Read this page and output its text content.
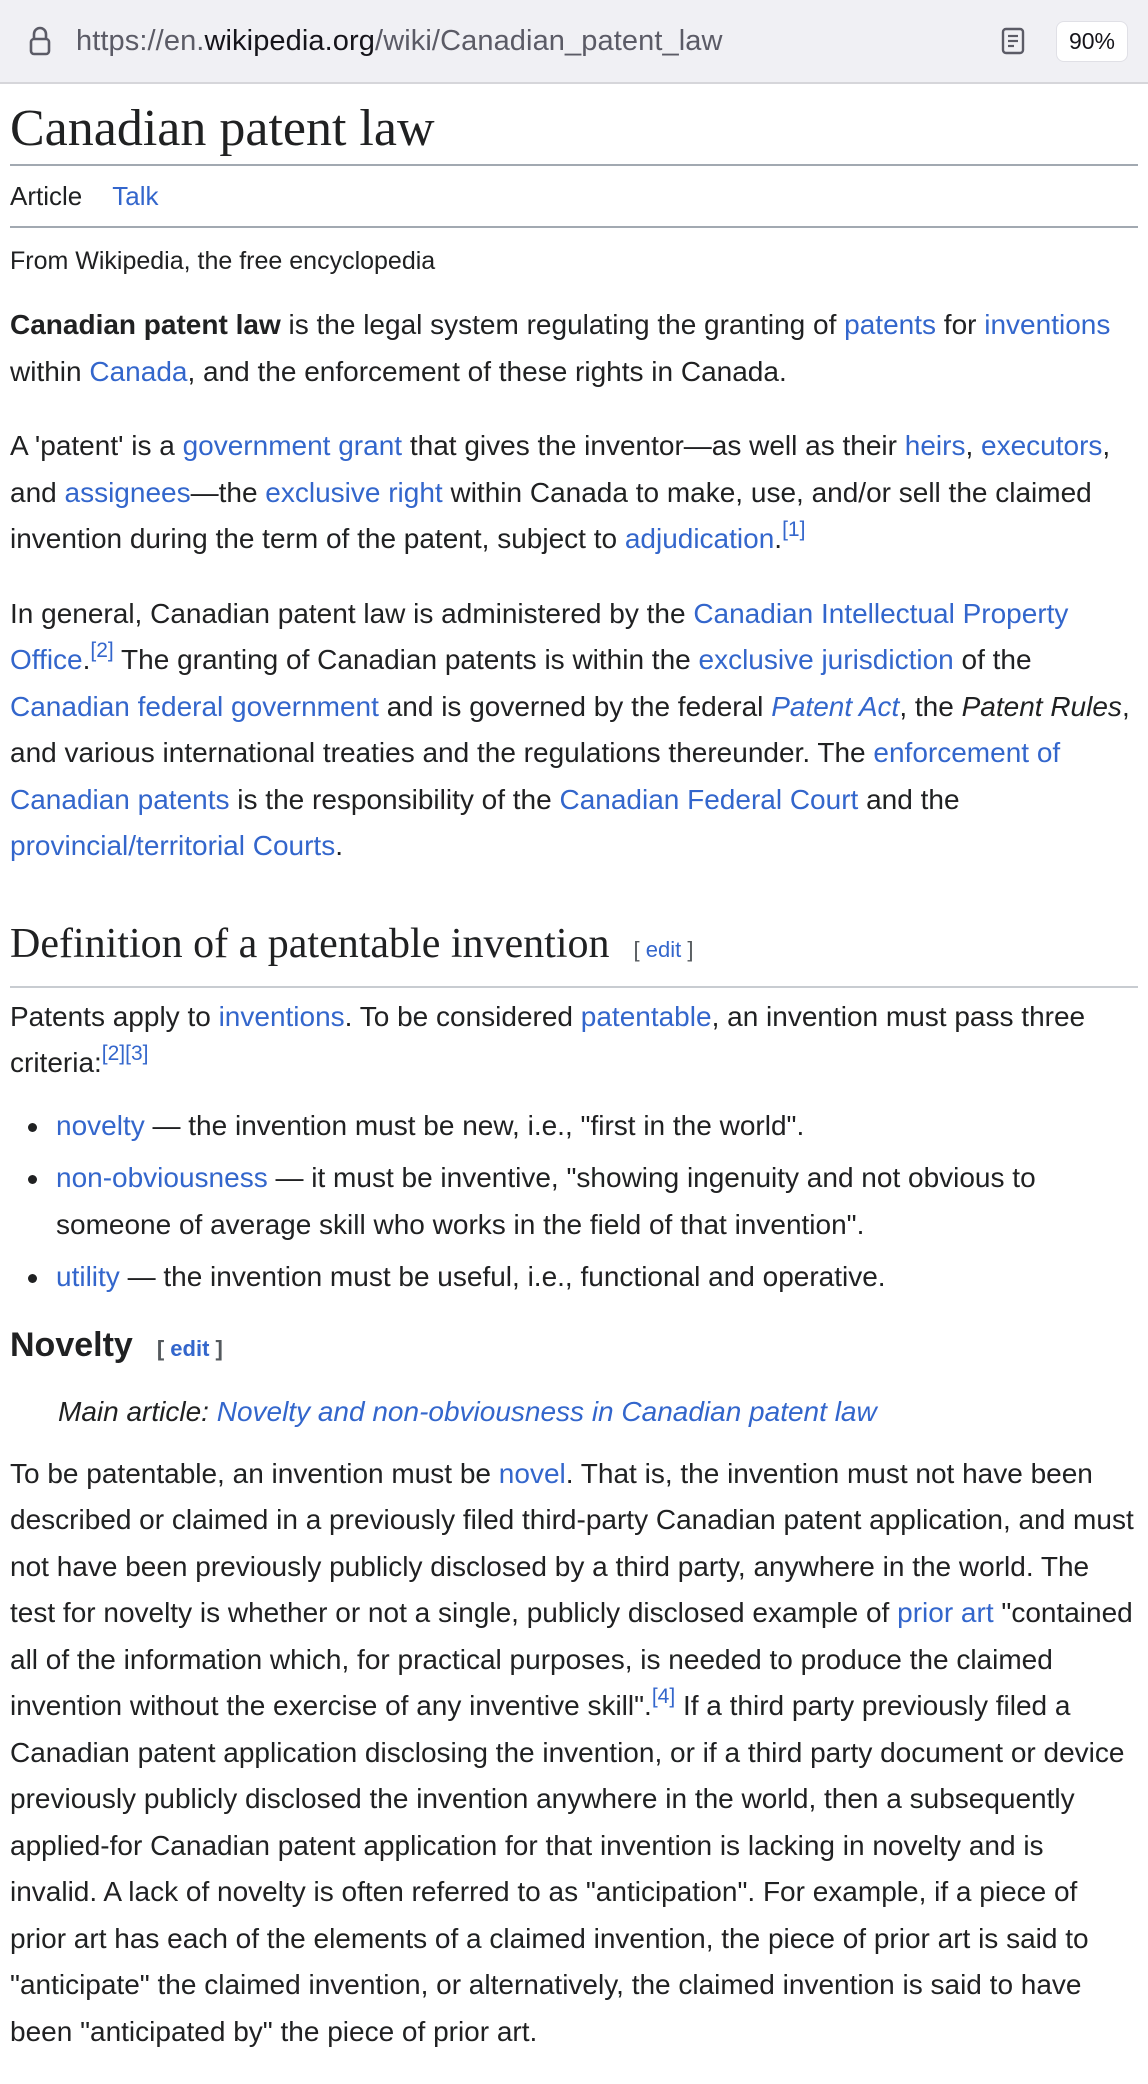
https://en.wikipedia.org/wiki/Canadian_patent_law	90%
Canadian patent law
Article Talk
From Wikipedia, the free encyclopedia

Canadian patent law is the legal system regulating the granting of patents for inventions within Canada, and the enforcement of these rights in Canada.

A 'patent' is a government grant that gives the inventor—as well as their heirs, executors, and assignees—the exclusive right within Canada to make, use, and/or sell the claimed invention during the term of the patent, subject to adjudication.[1]

In general, Canadian patent law is administered by the Canadian Intellectual Property Office.[2] The granting of Canadian patents is within the exclusive jurisdiction of the Canadian federal government and is governed by the federal Patent Act, the Patent Rules, and various international treaties and the regulations thereunder. The enforcement of Canadian patents is the responsibility of the Canadian Federal Court and the provincial/territorial Courts.

Definition of a patentable invention [ edit ]

Patents apply to inventions. To be considered patentable, an invention must pass three criteria:[2][3]

novelty — the invention must be new, i.e., "first in the world".
non-obviousness — it must be inventive, "showing ingenuity and not obvious to someone of average skill who works in the field of that invention".
utility — the invention must be useful, i.e., functional and operative.
Novelty [ edit ]
Main article: Novelty and non-obviousness in Canadian patent law

To be patentable, an invention must be novel. That is, the invention must not have been described or claimed in a previously filed third-party Canadian patent application, and must not have been previously publicly disclosed by a third party, anywhere in the world. The test for novelty is whether or not a single, publicly disclosed example of prior art "contained all of the information which, for practical purposes, is needed to produce the claimed invention without the exercise of any inventive skill".[4] If a third party previously filed a Canadian patent application disclosing the invention, or if a third party document or device previously publicly disclosed the invention anywhere in the world, then a subsequently applied-for Canadian patent application for that invention is lacking in novelty and is invalid. A lack of novelty is often referred to as "anticipation". For example, if a piece of prior art has each of the elements of a claimed invention, the piece of prior art is said to "anticipate" the claimed invention, or alternatively, the claimed invention is said to have been "anticipated by" the piece of prior art.
